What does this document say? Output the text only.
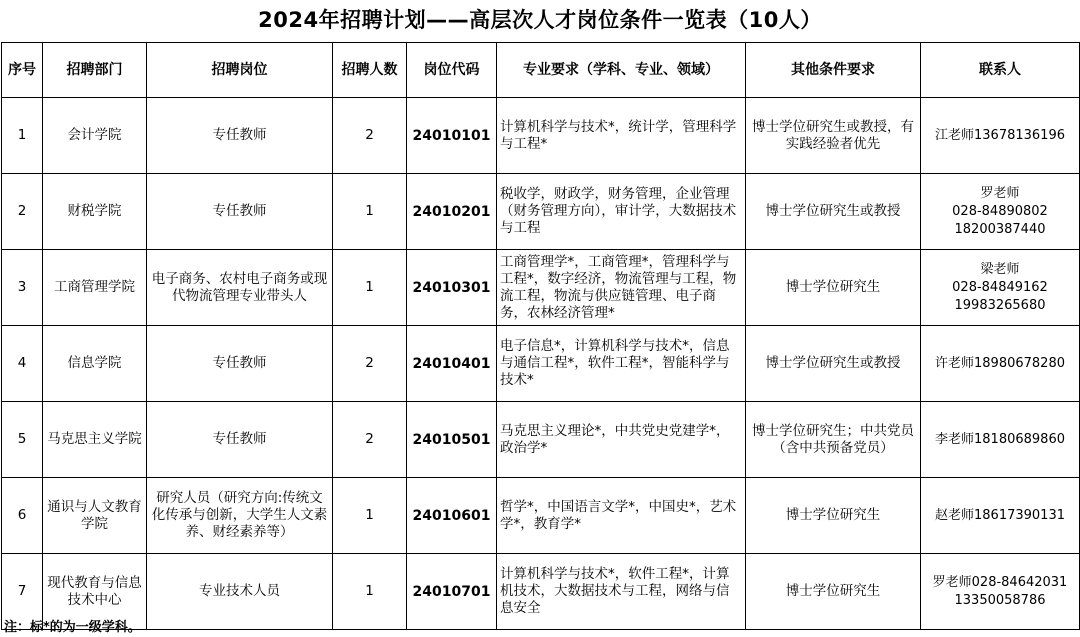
2024年招聘计划——高层次人才岗位条件一览表（10人）
序号	招聘部门	招聘岗位	招聘人数	岗位代码	专业要求（学科、专业、领域）	其他条件要求	联系人
1	会计学院	专任教师	2	24010101	计算机科学与技术*，统计学，管理科学与工程*	博士学位研究生或教授，有实践经验者优先	江老师13678136196

2	财税学院	专任教师	1	24010201	税收学，财政学，财务管理，企业管理（财务管理方向），审计学，大数据技术与工程	博士学位研究生或教授	罗老师
028-84890802
18200387440

3	工商管理学院	电子商务、农村电子商务或现代物流管理专业带头人	1	24010301	工商管理学*，工商管理*，管理科学与工程*，数字经济，物流管理与工程，物流工程，物流与供应链管理、电子商务，农林经济管理*	博士学位研究生	梁老师
028-84849162
19983265680

4	信息学院	专任教师	2	24010401	电子信息*，计算机科学与技术*，信息与通信工程*，软件工程*，智能科学与技术*	博士学位研究生或教授	许老师18980678280

5	马克思主义学院	专任教师	2	24010501	马克思主义理论*，中共党史党建学*，政治学*	博士学位研究生；中共党员（含中共预备党员）	李老师18180689860

6	通识与人文教育学院	研究人员（研究方向:传统文化传承与创新，大学生人文素养、财经素养等）	1	24010601	哲学*，中国语言文学*，中国史*，艺术学*，教育学*	博士学位研究生	赵老师18617390131

7	现代教育与信息技术中心	专业技术人员	1	24010701	计算机科学与技术*，软件工程*，计算机技术，大数据技术与工程，网络与信息安全	博士学位研究生	罗老师028-84642031
13350058786
注：标*的为一级学科。
